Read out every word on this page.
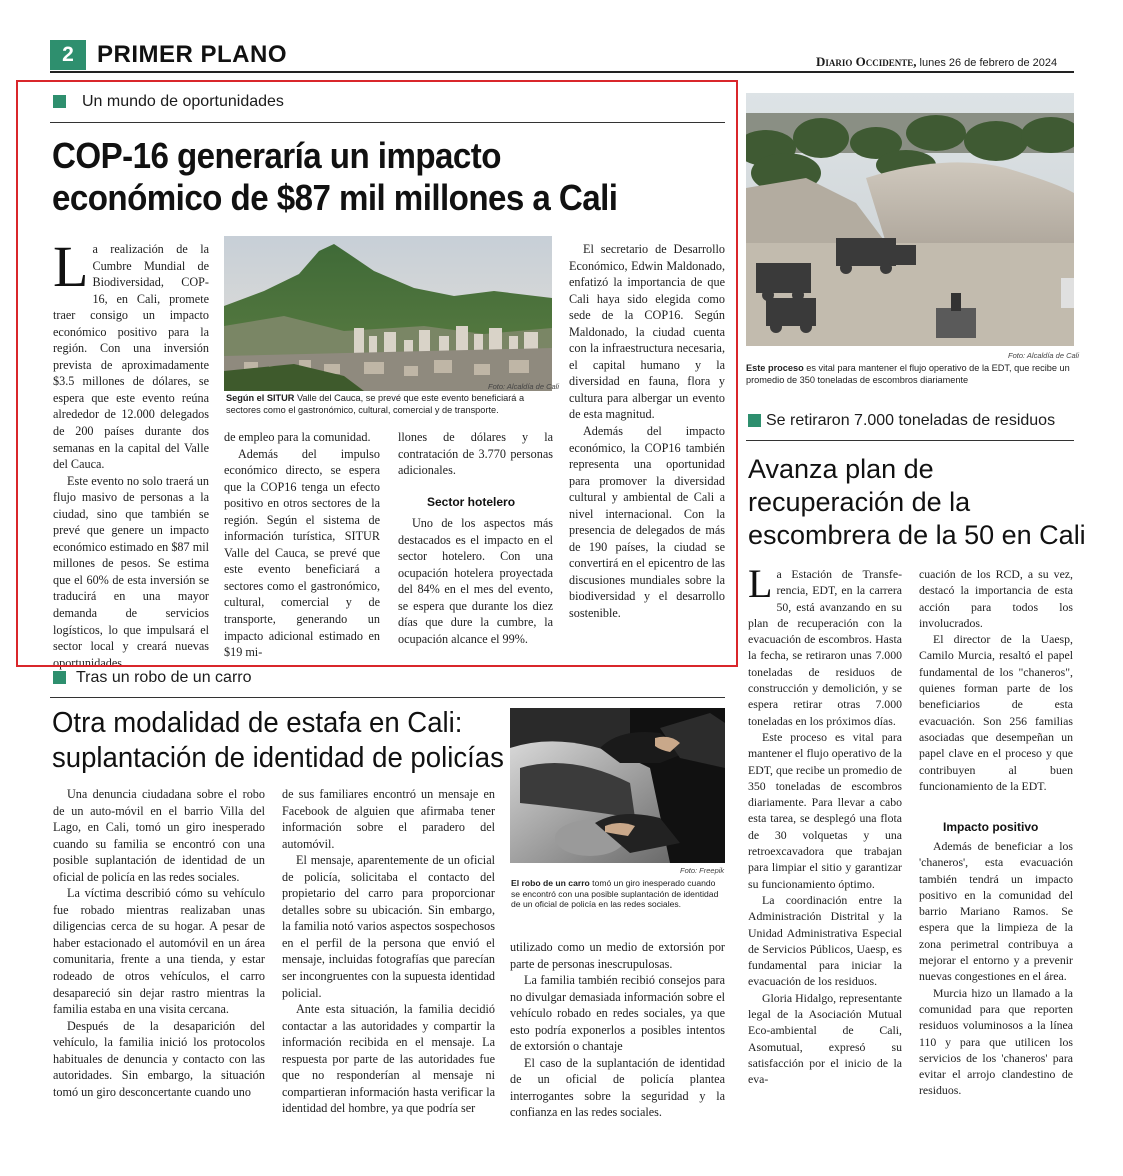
2 PRIMER PLANO	Diario Occidente, lunes 26 de febrero de 2024
Un mundo de oportunidades
COP-16 generaría un impacto
económico de $87 mil millones a Cali
L a realización de la Cumbre Mundial de Biodiversidad, COP- 16, en Cali, promete traer consigo un impacto económico positivo para la región. Con una inversión prevista de aproximadamente $3.5 millones de dólares, se espera que este evento reúna alrededor de 12.000 delegados de 200 países durante dos semanas en la capital del Valle del Cauca.

Este evento no solo traerá un flujo masivo de personas a la ciudad, sino que también se prevé que genere un impacto económico estimado en $87 mil millones de pesos. Se estima que el 60% de esta inversión se traducirá en una mayor demanda de servicios logísticos, lo que impulsará el sector local y creará nuevas oportunidades

Foto: Alcaldía de Cali
Según el SITUR Valle del Cauca, se prevé que este evento beneficiará a sectores como el gastronómico, cultural, comercial y de transporte.

de empleo para la comunidad.

Además del impulso económico directo, se espera que la COP16 tenga un efecto positivo en otros sectores de la región. Según el sistema de información turística, SITUR Valle del Cauca, se prevé que este evento beneficiará a sectores como el gastronómico, cultural, comercial y de transporte, generando un impacto adicional estimado en $19 mi-

llones de dólares y la contratación de 3.770 personas adicionales.

Sector hotelero

Uno de los aspectos más destacados es el impacto en el sector hotelero. Con una ocupación hotelera proyectada del 84% en el mes del evento, se espera que durante los diez días que dure la cumbre, la ocupación alcance el 99%.

El secretario de Desarrollo Económico, Edwin Maldonado, enfatizó la importancia de que Cali haya sido elegida como sede de la COP16. Según Maldonado, la ciudad cuenta con la infraestructura necesaria, el capital humano y la diversidad en fauna, flora y cultura para albergar un evento de esta magnitud.

Además del impacto económico, la COP16 también representa una oportunidad para promover la diversidad cultural y ambiental de Cali a nivel internacional. Con la presencia de delegados de más de 190 países, la ciudad se convertirá en el epicentro de las discusiones mundiales sobre la biodiversidad y el desarrollo sostenible.

Tras un robo de un carro
Otra modalidad de estafa en Cali:
suplantación de identidad de policías

Una denuncia ciudadana sobre el robo de un auto-móvil en el barrio Villa del Lago, en Cali, tomó un giro inesperado cuando su familia se encontró con una posible suplantación de identidad de un oficial de policía en las redes sociales.

La víctima describió cómo su vehículo fue robado mientras realizaban unas diligencias cerca de su hogar. A pesar de haber estacionado el automóvil en un área comunitaria, frente a una tienda, y estar rodeado de otros vehículos, el carro desapareció sin dejar rastro mientras la familia estaba en una visita cercana.

Después de la desaparición del vehículo, la familia inició los protocolos habituales de denuncia y contacto con las autoridades. Sin embargo, la situación tomó un giro desconcertante cuando uno

de sus familiares encontró un mensaje en Facebook de alguien que afirmaba tener información sobre el paradero del automóvil.

El mensaje, aparentemente de un oficial de policía, solicitaba el contacto del propietario del carro para proporcionar detalles sobre su ubicación. Sin embargo, la familia notó varios aspectos sospechosos en el perfil de la persona que envió el mensaje, incluidas fotografías que parecían ser incongruentes con la supuesta identidad policial.

Ante esta situación, la familia decidió contactar a las autoridades y compartir la información recibida en el mensaje. La respuesta por parte de las autoridades fue que no responderían al mensaje ni compartieran información hasta verificar la identidad del hombre, ya que podría ser

Foto: Freepik
El robo de un carro tomó un giro inesperado cuando se encontró con una posible suplantación de identidad de un oficial de policía en las redes sociales.

utilizado como un medio de extorsión por parte de personas inescrupulosas.

La familia también recibió consejos para no divulgar demasiada información sobre el vehículo robado en redes sociales, ya que esto podría exponerlos a posibles intentos de extorsión o chantaje

El caso de la suplantación de identidad de un oficial de policía plantea interrogantes sobre la seguridad y la confianza en las redes sociales.

Foto: Alcaldía de Cali
Este proceso es vital para mantener el flujo operativo de la EDT, que recibe un promedio de 350 toneladas de escombros diariamente
Se retiraron 7.000 toneladas de residuos
Avanza plan de
recuperación de la
escombrera de la 50 en Cali
L a Estación de Transfe-rencia, EDT, en la carrera 50, está avanzando en su plan de recuperación con la evacuación de escombros. Hasta la fecha, se retiraron unas 7.000 toneladas de residuos de construcción y demolición, y se espera retirar otras 7.000 toneladas en los próximos días.

Este proceso es vital para mantener el flujo operativo de la EDT, que recibe un promedio de 350 toneladas de escombros diariamente. Para llevar a cabo esta tarea, se desplegó una flota de 30 volquetas y una retroexcavadora que trabajan para limpiar el sitio y garantizar su funcionamiento óptimo.

La coordinación entre la Administración Distrital y la Unidad Administrativa Especial de Servicios Públicos, Uaesp, es fundamental para iniciar la evacuación de los residuos.

Gloria Hidalgo, representante legal de la Asociación Mutual Eco-ambiental de Cali, Asomutual, expresó su satisfacción por el inicio de la eva-

cuación de los RCD, a su vez, destacó la importancia de esta acción para todos los involucrados.

El director de la Uaesp, Camilo Murcia, resaltó el papel fundamental de los "chaneros", quienes forman parte de los beneficiarios de esta evacuación. Son 256 familias asociadas que desempeñan un papel clave en el proceso y que contribuyen al buen funcionamiento de la EDT.

Impacto positivo

Además de beneficiar a los 'chaneros', esta evacuación también tendrá un impacto positivo en la comunidad del barrio Mariano Ramos. Se espera que la limpieza de la zona perimetral contribuya a mejorar el entorno y a prevenir nuevas congestiones en el área.

Murcia hizo un llamado a la comunidad para que reporten residuos voluminosos a la línea 110 y para que utilicen los servicios de los 'chaneros' para evitar el arrojo clandestino de residuos.
